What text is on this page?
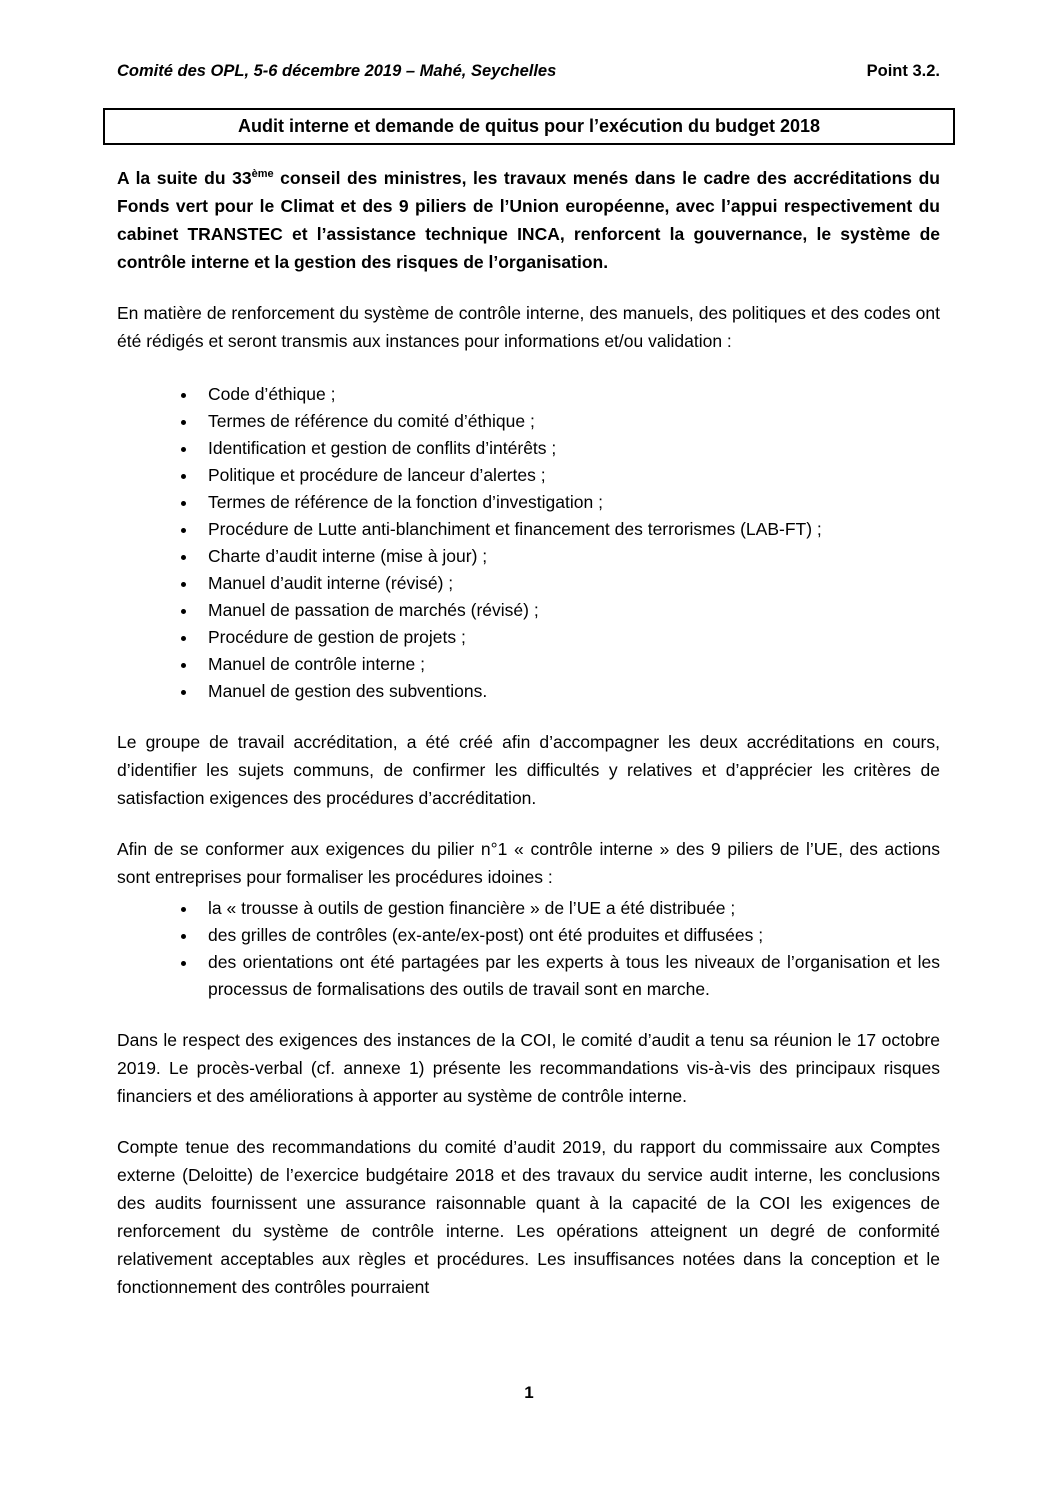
Comité des OPL, 5-6 décembre 2019 – Mahé, Seychelles	Point 3.2.
Audit interne et demande de quitus pour l’exécution du budget 2018

A la suite du 33ème conseil des ministres, les travaux menés dans le cadre des accréditations du Fonds vert pour le Climat et des 9 piliers de l’Union européenne, avec l’appui respectivement du cabinet TRANSTEC et l’assistance technique INCA, renforcent la gouvernance, le système de contrôle interne et la gestion des risques de l’organisation.

En matière de renforcement du système de contrôle interne, des manuels, des politiques et des codes ont été rédigés et seront transmis aux instances pour informations et/ou validation :

• Code d’éthique ;
• Termes de référence du comité d’éthique ;
• Identification et gestion de conflits d’intérêts ;
• Politique et procédure de lanceur d’alertes ;
• Termes de référence de la fonction d’investigation ;
• Procédure de Lutte anti-blanchiment et financement des terrorismes (LAB-FT) ;
• Charte d’audit interne (mise à jour) ;
• Manuel d’audit interne (révisé) ;
• Manuel de passation de marchés (révisé) ;
• Procédure de gestion de projets ;
• Manuel de contrôle interne ;
• Manuel de gestion des subventions.

Le groupe de travail accréditation, a été créé afin d’accompagner les deux accréditations en cours, d’identifier les sujets communs, de confirmer les difficultés y relatives et d’apprécier les critères de satisfaction exigences des procédures d’accréditation.

Afin de se conformer aux exigences du pilier n°1 « contrôle interne » des 9 piliers de l’UE, des actions sont entreprises pour formaliser les procédures idoines :

• la « trousse à outils de gestion financière » de l’UE a été distribuée ;
• des grilles de contrôles (ex-ante/ex-post) ont été produites et diffusées ;
• des orientations ont été partagées par les experts à tous les niveaux de l’organisation et les processus de formalisations des outils de travail sont en marche.

Dans le respect des exigences des instances de la COI, le comité d’audit a tenu sa réunion le 17 octobre 2019. Le procès-verbal (cf. annexe 1) présente les recommandations vis-à-vis des principaux risques financiers et des améliorations à apporter au système de contrôle interne.

Compte tenue des recommandations du comité d’audit 2019, du rapport du commissaire aux Comptes externe (Deloitte) de l’exercice budgétaire 2018 et des travaux du service audit interne, les conclusions des audits fournissent une assurance raisonnable quant à la capacité de la COI les exigences de renforcement du système de contrôle interne. Les opérations atteignent un degré de conformité relativement acceptables aux règles et procédures. Les insuffisances notées dans la conception et le fonctionnement des contrôles pourraient

1
